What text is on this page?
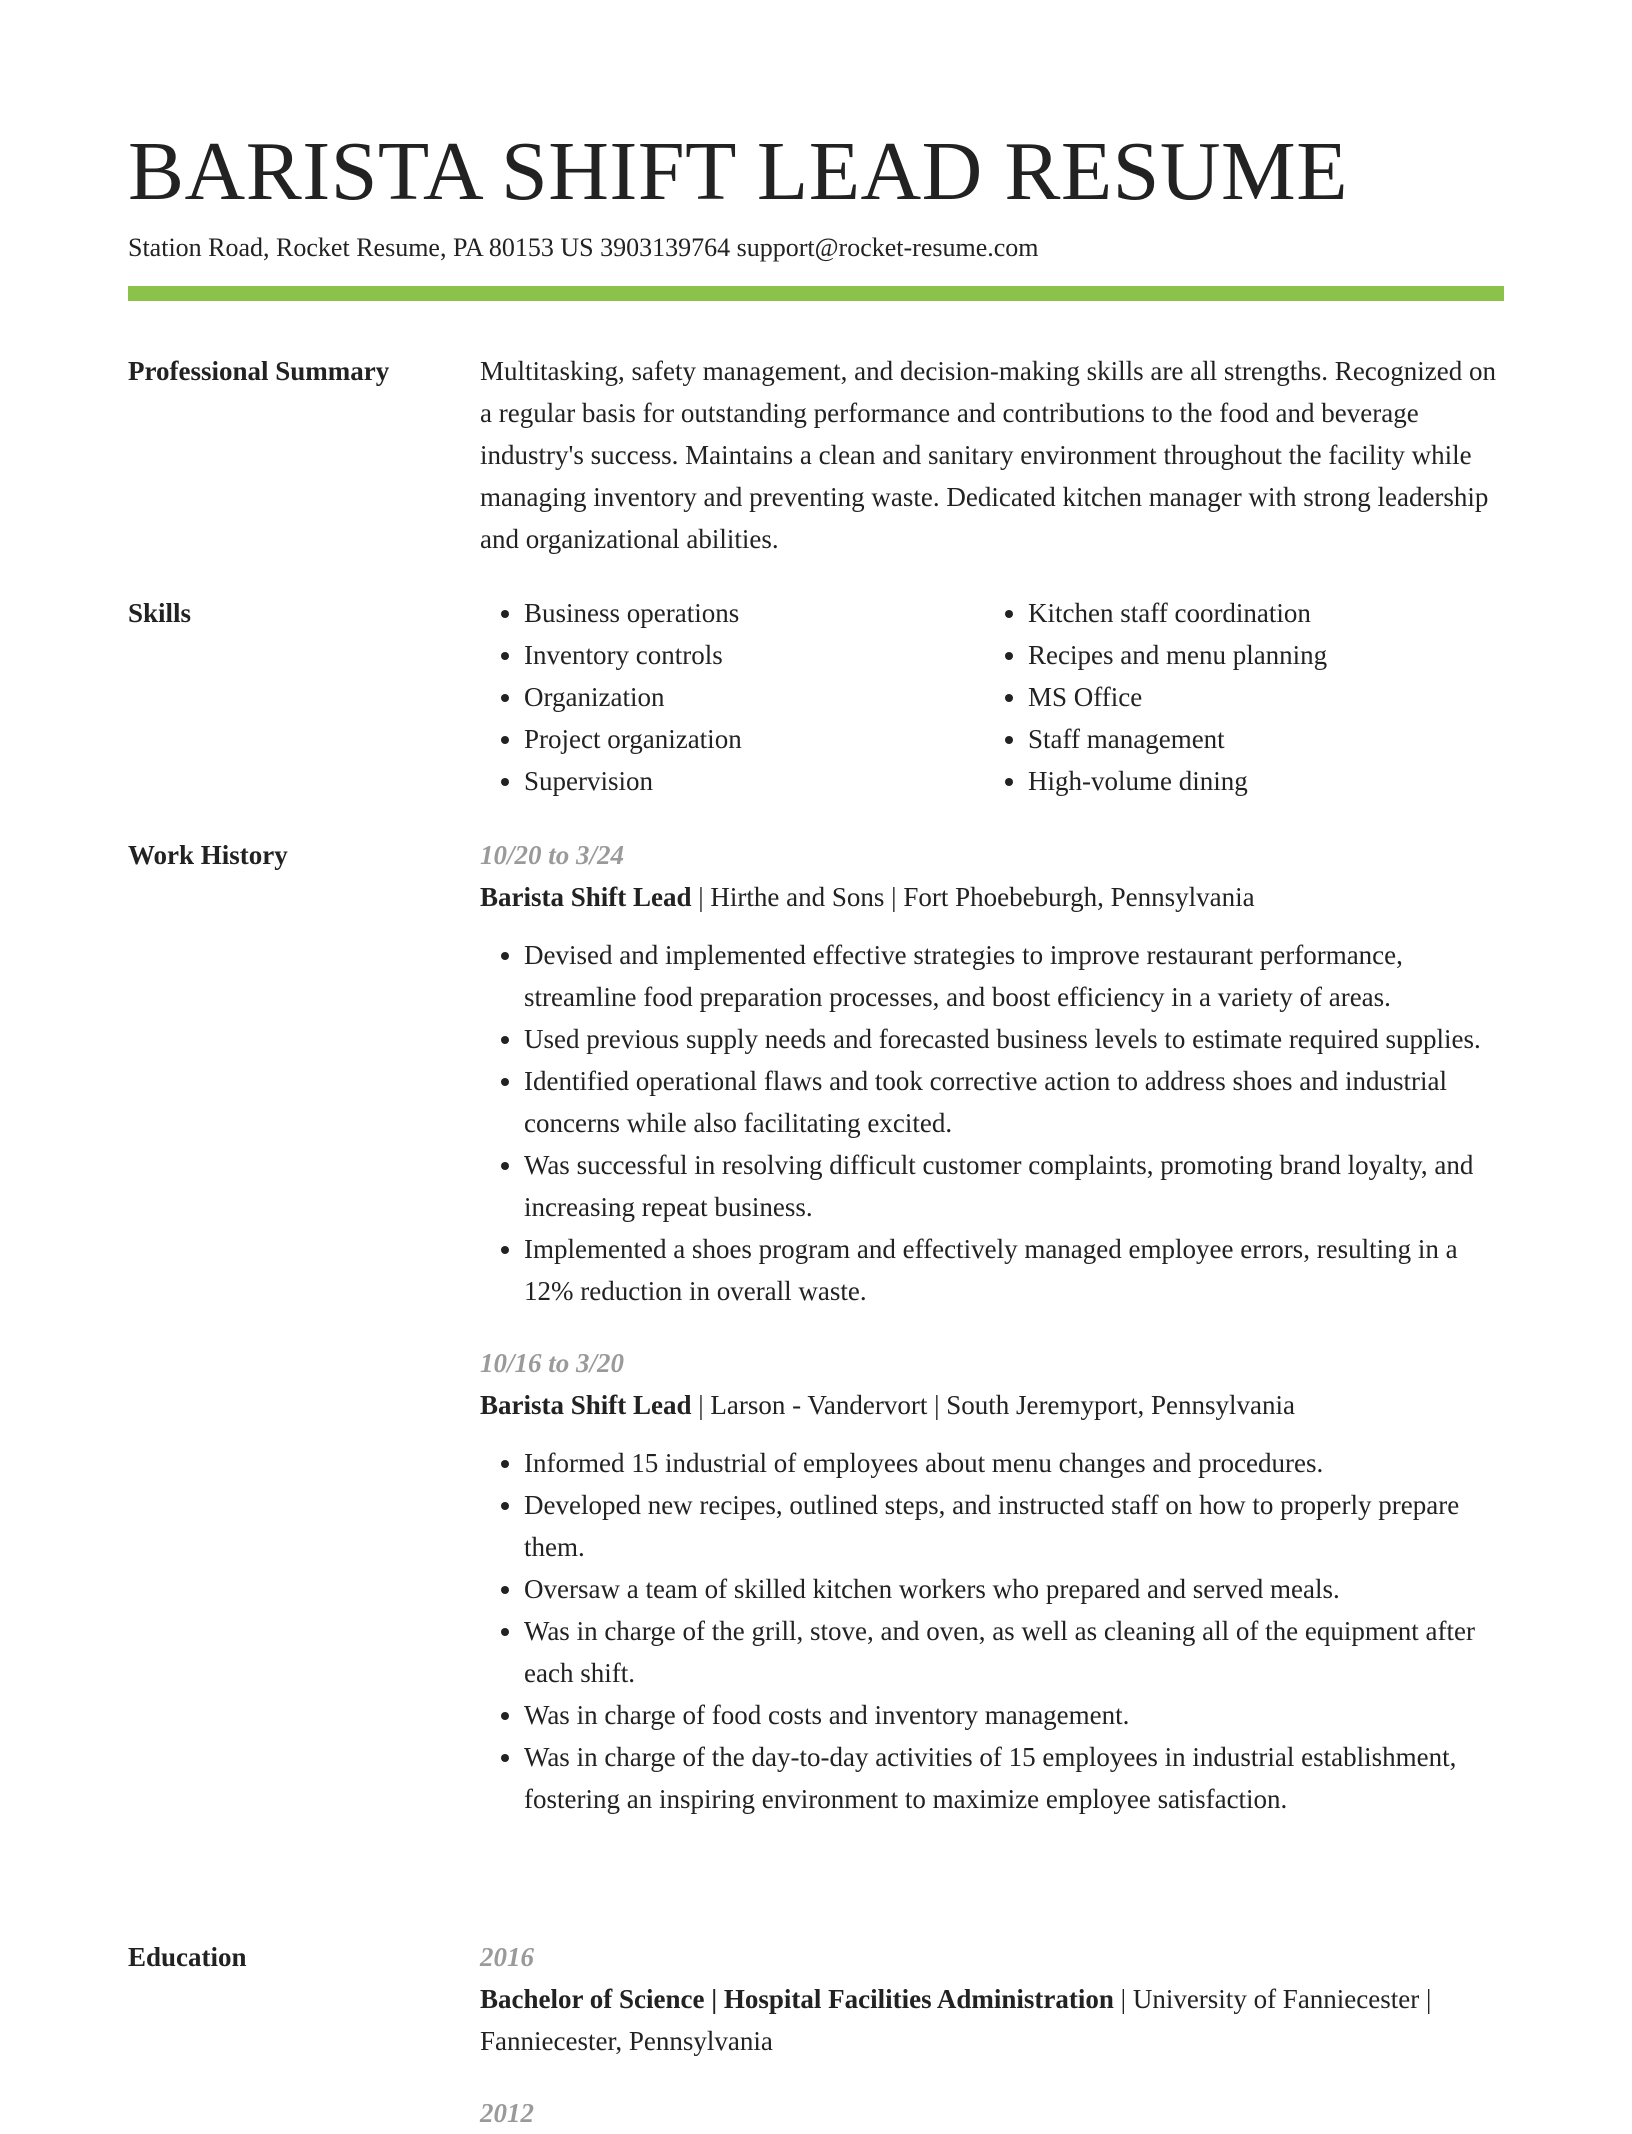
BARISTA SHIFT LEAD RESUME
Station Road, Rocket Resume, PA 80153 US 3903139764 support@rocket-resume.com
Professional Summary	Multitasking, safety management, and decision-making skills are all strengths. Recognized on a regular basis for outstanding performance and contributions to the food and beverage industry's success. Maintains a clean and sanitary environment throughout the facility while managing inventory and preventing waste. Dedicated kitchen manager with strong leadership and organizational abilities.

Skills
•	Business operations
• Inventory controls
• Organization
• Project organization
• Supervision
• Kitchen staff coordination
• Recipes and menu planning
• MS Office
• Staff management
• High-volume dining
Work History	10/20 to 3/24
Barista Shift Lead | Hirthe and Sons | Fort Phoebeburgh, Pennsylvania
• Devised and implemented effective strategies to improve restaurant performance, streamline food preparation processes, and boost efficiency in a variety of areas.
• Used previous supply needs and forecasted business levels to estimate required supplies.
• Identified operational flaws and took corrective action to address shoes and industrial concerns while also facilitating excited.
• Was successful in resolving difficult customer complaints, promoting brand loyalty, and increasing repeat business.
• Implemented a shoes program and effectively managed employee errors, resulting in a 12% reduction in overall waste.
10/16 to 3/20
Barista Shift Lead | Larson - Vandervort | South Jeremyport, Pennsylvania
• Informed 15 industrial of employees about menu changes and procedures.
• Developed new recipes, outlined steps, and instructed staff on how to properly prepare them.
• Oversaw a team of skilled kitchen workers who prepared and served meals.
• Was in charge of the grill, stove, and oven, as well as cleaning all of the equipment after each shift.
• Was in charge of food costs and inventory management.
• Was in charge of the day-to-day activities of 15 employees in industrial establishment, fostering an inspiring environment to maximize employee satisfaction.
Education	2016
Bachelor of Science | Hospital Facilities Administration | University of Fanniecester | Fanniecester, Pennsylvania
2012
